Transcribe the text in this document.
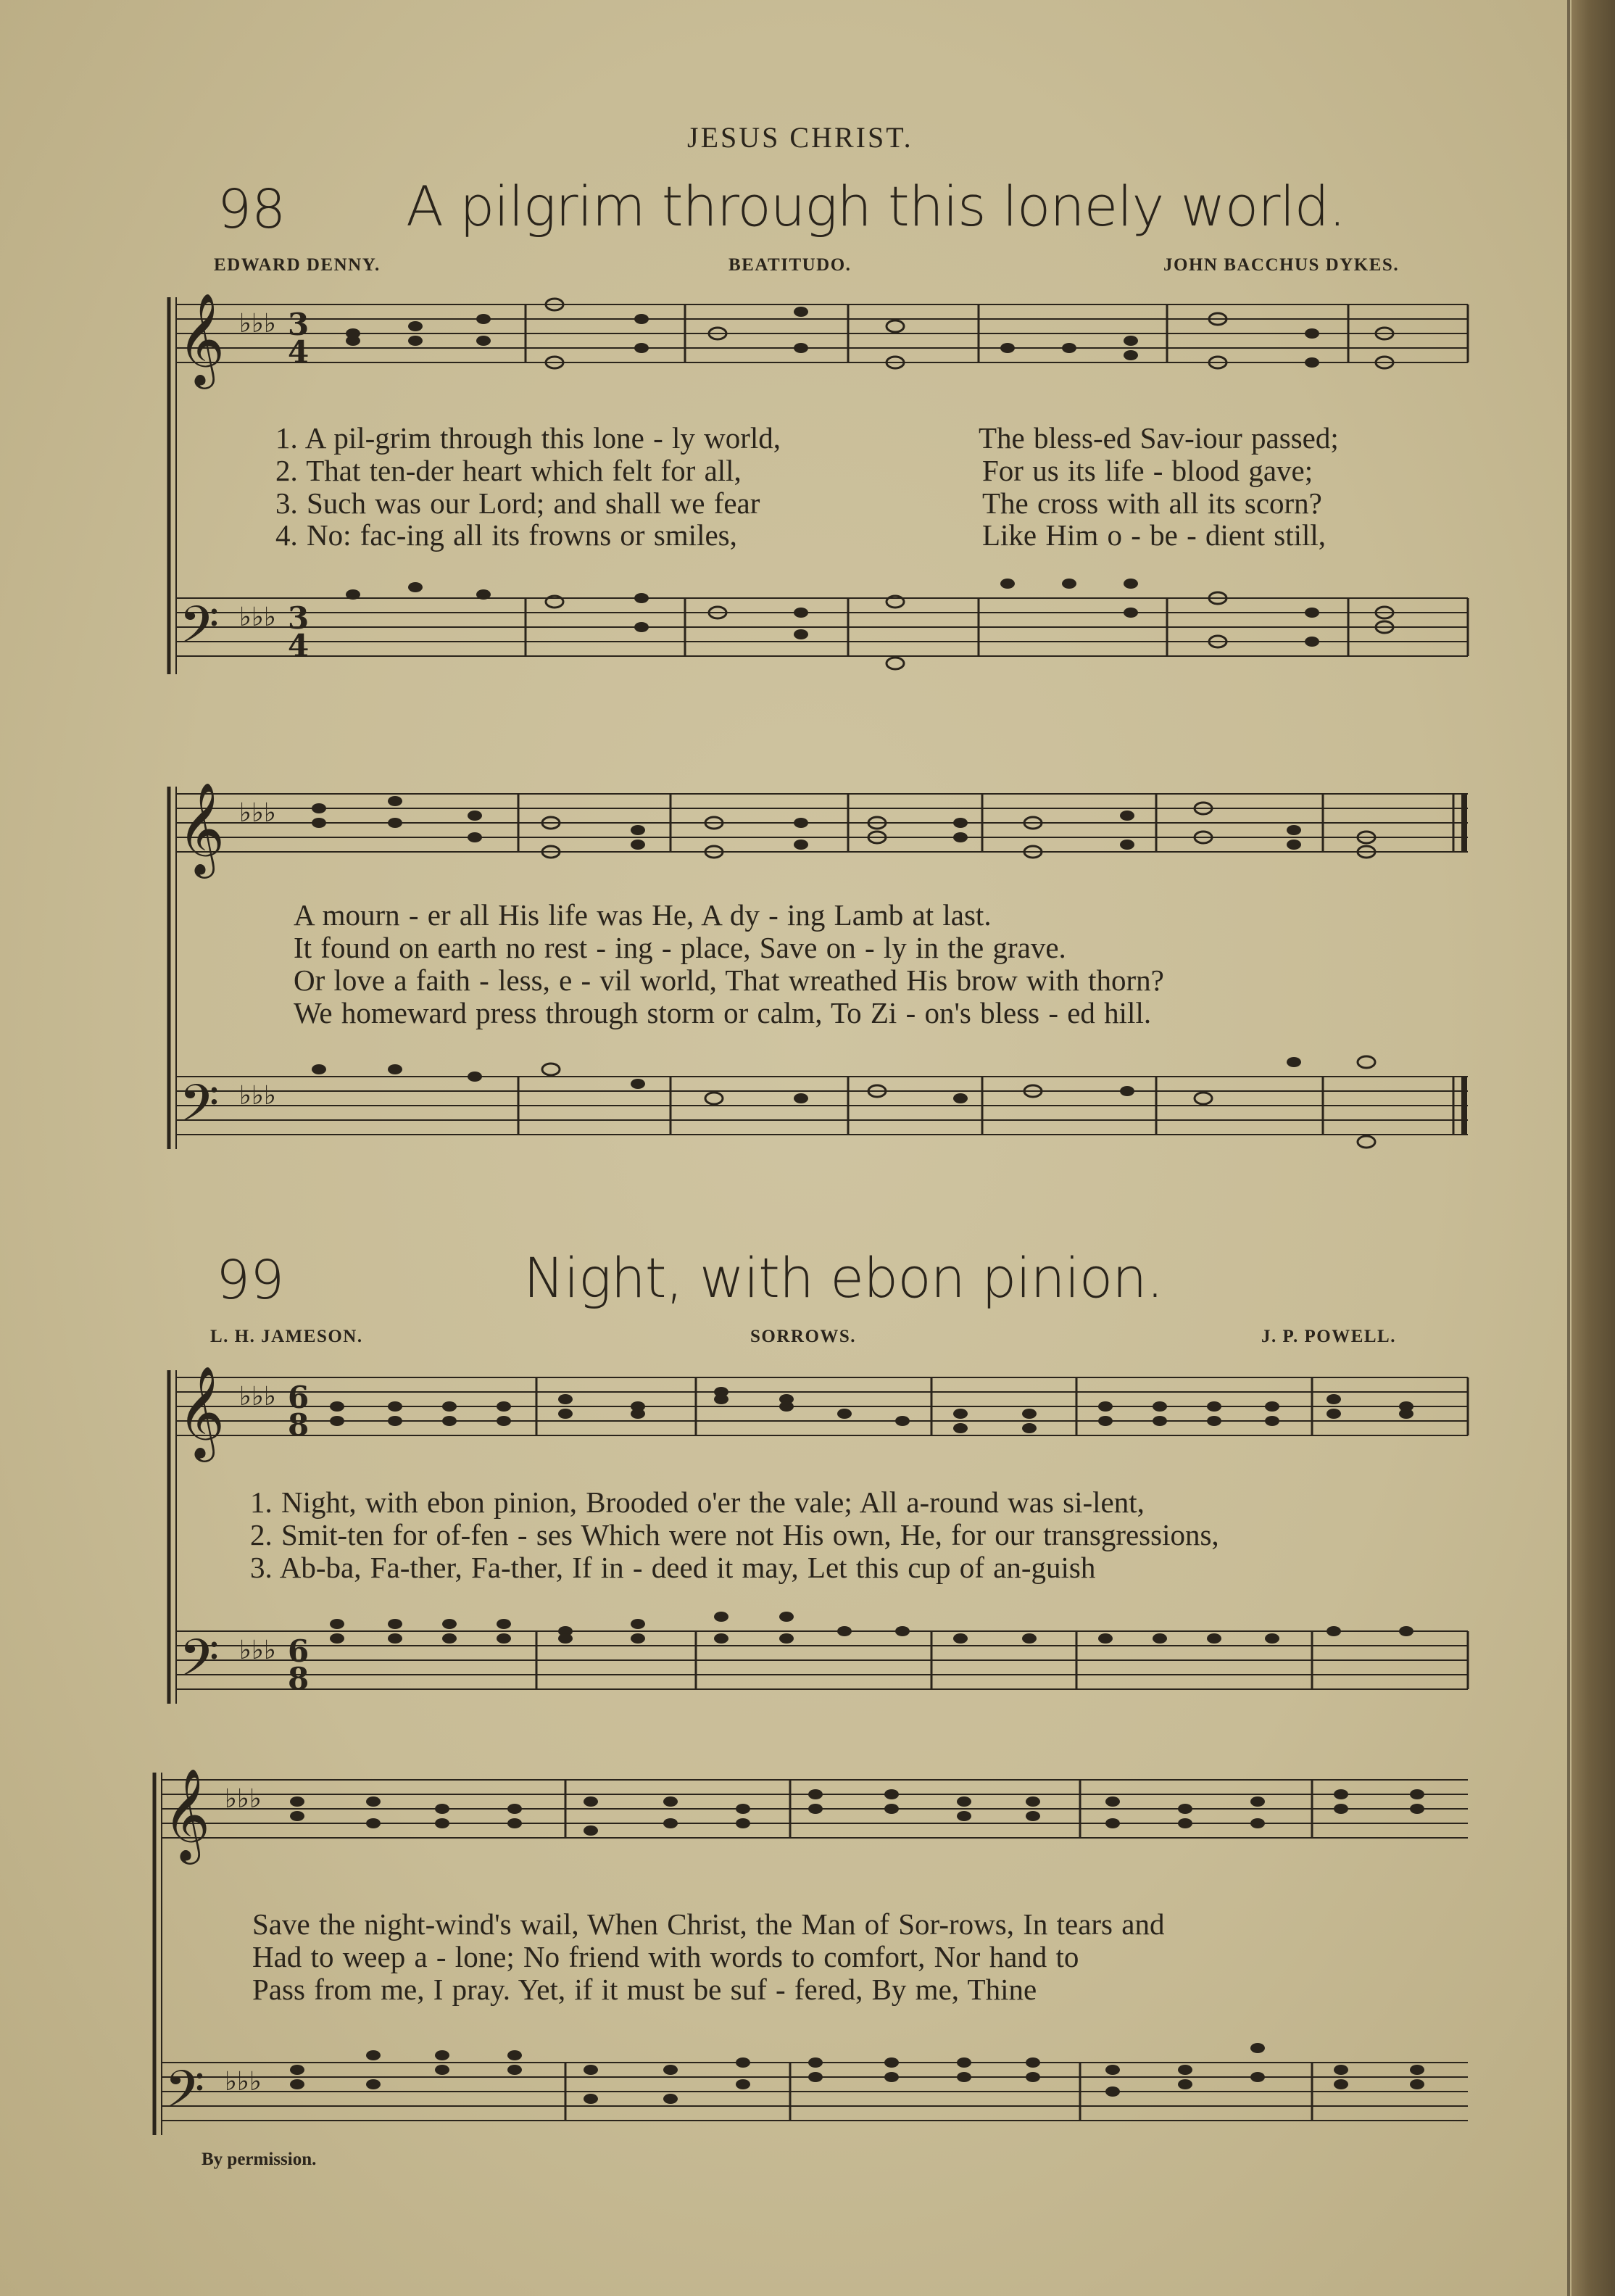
JESUS CHRIST.
98 A pilgrim through this lonely world.
EDWARD DENNY.	BEATITUDO.	JOHN BACCHUS DYKES.
𝄞
𝄢
♭♭♭
♭♭♭
3
4
3
4
1. A pil-grim through this lone - ly world,	The bless-ed Sav-iour passed;
2. That ten-der heart which felt for all,	For us its life - blood gave;
3. Such was our Lord; and shall we fear	The cross with all its scorn?
4. No: fac-ing all its frowns or smiles,	Like Him o - be - dient still,
𝄞
𝄢
♭♭♭
♭♭♭
A mourn - er all His life was He, A dy - ing Lamb at last.
It found on earth no rest - ing - place, Save on - ly in the grave.
Or love a faith - less, e - vil world, That wreathed His brow with thorn?
We homeward press through storm or calm, To Zi - on's bless - ed hill.
99	Night, with ebon pinion.
L. H. JAMESON.	SORROWS.	J. P. POWELL.
𝄞
𝄢
♭♭♭
♭♭♭
6
8
6
8
1. Night, with ebon pinion, Brooded o'er the vale; All a-round was si-lent,
2. Smit-ten for of-fen - ses Which were not His own, He, for our transgressions,
3. Ab-ba, Fa-ther, Fa-ther, If in - deed it may, Let this cup of an-guish
𝄞
𝄢
♭♭♭
♭♭♭
Save the night-wind's wail, When Christ, the Man of Sor-rows, In tears and
Had to weep a - lone; No friend with words to comfort, Nor hand to
Pass from me, I pray. Yet, if it must be suf - fered, By me, Thine
By permission.
